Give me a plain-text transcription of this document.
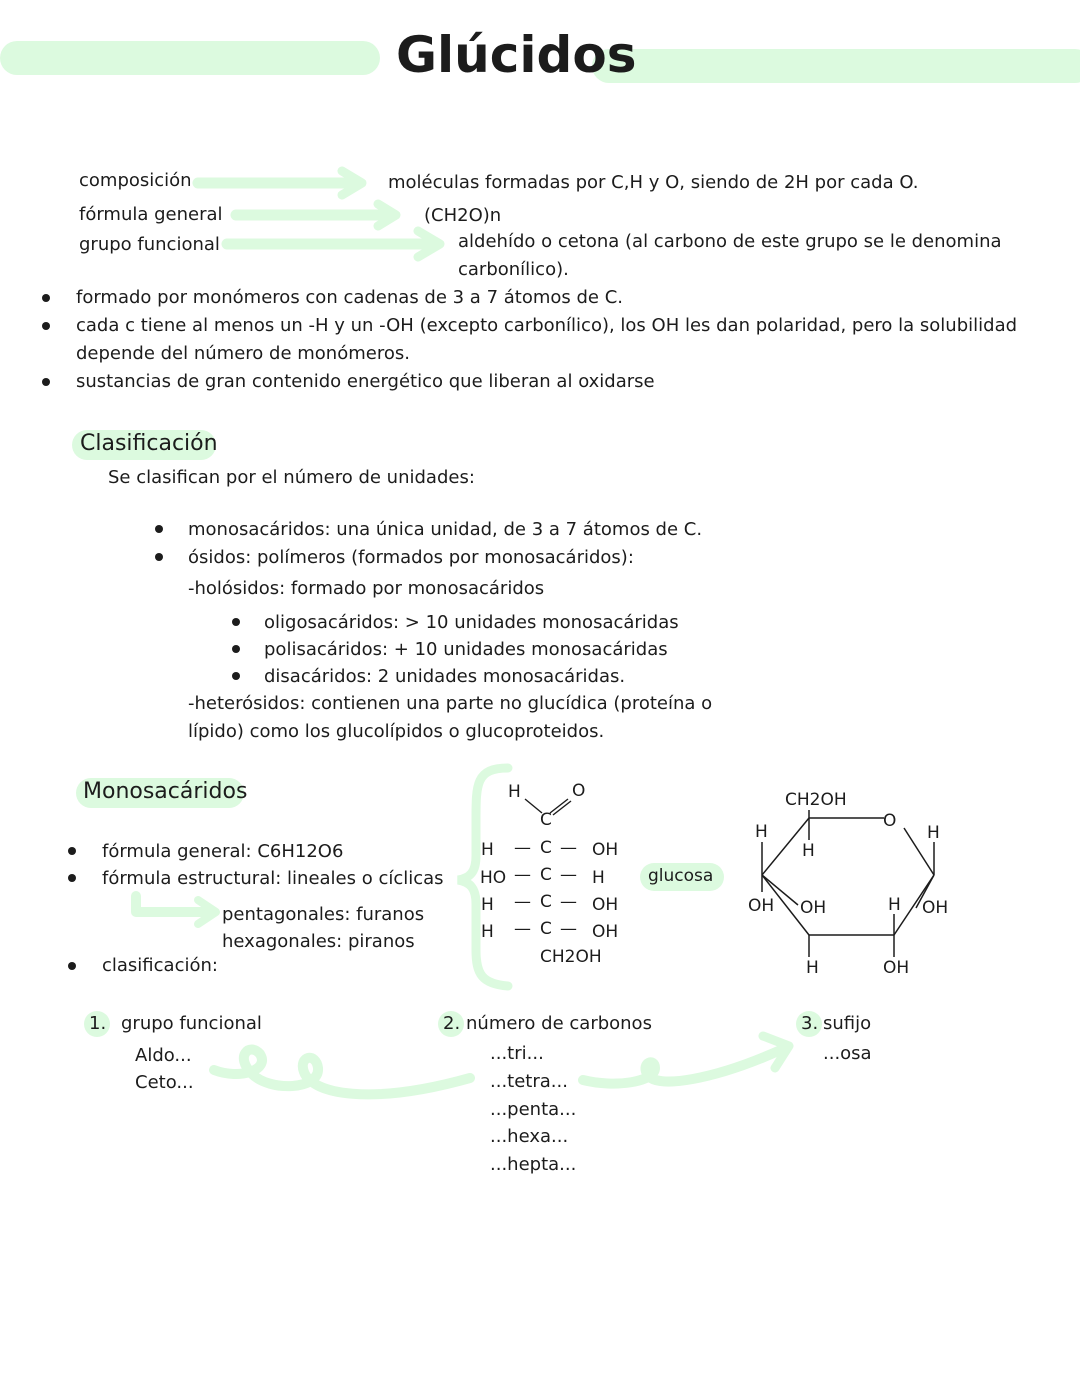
Glúcidos
composición	moléculas formadas por C,H y O, siendo de 2H por cada O.
fórmula general	(CH2O)n
grupo funcional	aldehído o cetona (al carbono de este grupo se le denomina
carbonílico).
formado por monómeros con cadenas de 3 a 7 átomos de C.
cada c tiene al menos un -H y un -OH (excepto carbonílico), los OH les dan polaridad, pero la solubilidad
depende del número de monómeros.
sustancias de gran contenido energético que liberan al oxidarse
Clasificación
Se clasifican por el número de unidades:
monosacáridos: una única unidad, de 3 a 7 átomos de C.
ósidos: polímeros (formados por monosacáridos):
-holósidos: formado por monosacáridos
oligosacáridos: > 10 unidades monosacáridas
polisacáridos: + 10 unidades monosacáridas
disacáridos: 2 unidades monosacáridas.
-heterósidos: contienen una parte no glucídica (proteína o
lípido) como los glucolípidos o glucoproteidos.
Monosacáridos
fórmula general: C6H12O6
fórmula estructural: lineales o cíclicas
pentagonales: furanos
hexagonales: piranos
clasificación:
H	O
C
H — C — OH
HO — C — H
H — C — OH
H — C — OH
CH2OH
glucosa
CH2OH
O
H
H
OH OH
H
H
OH
H
OH
1. grupo funcional
Aldo...
Ceto...
2. número de carbonos
...tri...
...tetra...
...penta...
...hexa...
...hepta...
3. sufijo
...osa
